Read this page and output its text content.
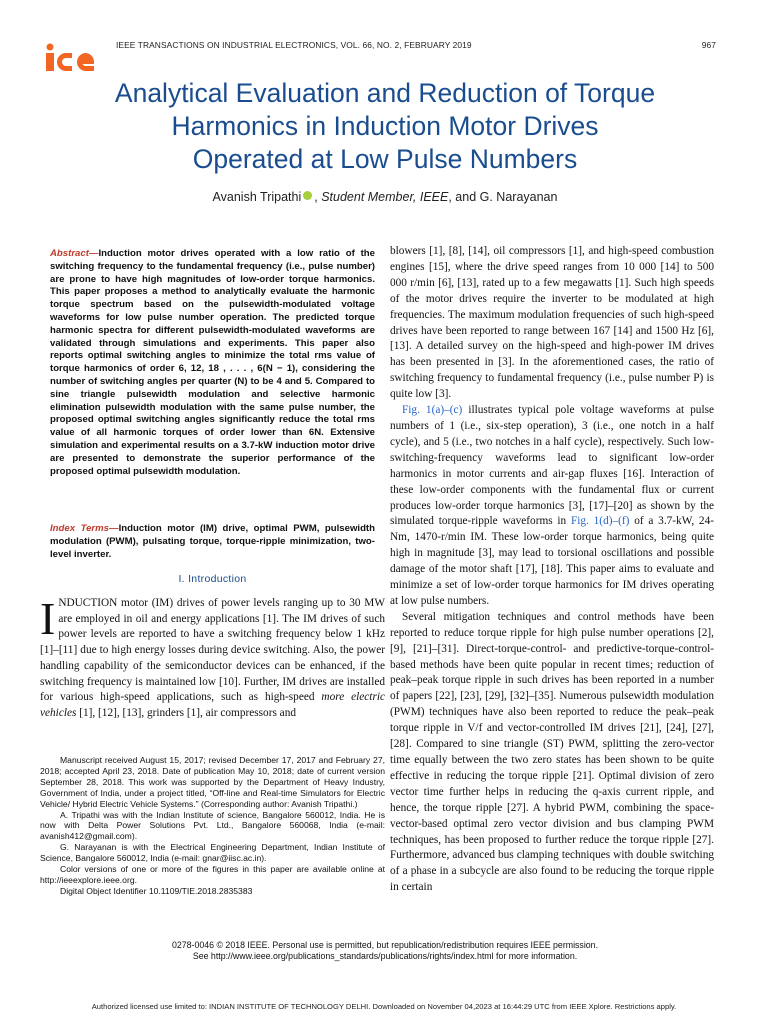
IEEE TRANSACTIONS ON INDUSTRIAL ELECTRONICS, VOL. 66, NO. 2, FEBRUARY 2019	967
Analytical Evaluation and Reduction of Torque
Harmonics in Induction Motor Drives
Operated at Low Pulse Numbers
Avanish Tripathi , Student Member, IEEE, and G. Narayanan
Abstract—Induction motor drives operated with a low ratio of the switching frequency to the fundamental frequency (i.e., pulse number) are prone to have high magnitudes of low-order torque harmonics. This paper proposes a method to analytically evaluate the harmonic torque spectrum based on the pulsewidth-modulated voltage waveforms for low pulse number operation. The predicted torque harmonic spectra for different pulsewidth-modulated waveforms are validated through simulations and experiments. This paper also reports optimal switching angles to minimize the total rms value of torque harmonics of order 6, 12, 18 , . . . , 6(N − 1), considering the number of switching angles per quarter (N) to be 4 and 5. Compared to sine triangle pulsewidth modulation and selective harmonic elimination pulsewidth modulation with the same pulse number, the proposed optimal switching angles significantly reduce the total rms value of all harmonic torques of order lower than 6N. Extensive simulation and experimental results on a 3.7-kW induction motor drive are presented to demonstrate the superior performance of the proposed optimal pulsewidth modulation.
Index Terms—Induction motor (IM) drive, optimal PWM, pulsewidth modulation (PWM), pulsating torque, torque-ripple minimization, two-level inverter.
I. Introduction
INDUCTION motor (IM) drives of power levels ranging up to 30 MW are employed in oil and energy applications [1]. The IM drives of such power levels are reported to have a switching frequency below 1 kHz [1]–[11] due to high energy losses during device switching. Also, the power handling capability of the semiconductor devices can be enhanced, if the switching frequency is maintained low [10]. Further, IM drives are installed for various high-speed applications, such as high-speed more electric vehicles [1], [12], [13], grinders [1], air compressors and

Manuscript received August 15, 2017; revised December 17, 2017 and February 27, 2018; accepted April 23, 2018. Date of publication May 10, 2018; date of current version September 28, 2018. This work was supported by the Department of Heavy Industry, Government of India, under a project titled, “Off-line and Real-time Simulators for Electric Vehicle/ Hybrid Electric Vehicle Systems.” (Corresponding author: Avanish Tripathi.)

A. Tripathi was with the Indian Institute of science, Bangalore 560012, India. He is now with Delta Power Solutions Pvt. Ltd., Bangalore 560068, India (e-mail: avanish412@gmail.com).

G. Narayanan is with the Electrical Engineering Department, Indian Institute of Science, Bangalore 560012, India (e-mail: gnar@iisc.ac.in).

Color versions of one or more of the figures in this paper are available online at http://ieeexplore.ieee.org.

Digital Object Identifier 10.1109/TIE.2018.2835383

blowers [1], [8], [14], oil compressors [1], and high-speed combustion engines [15], where the drive speed ranges from 10 000 [14] to 500 000 r/min [6], [13], rated up to a few megawatts [1]. Such high speeds of the motor drives require the inverter to be modulated at high frequencies. The maximum modulation frequencies of such high-speed drives have been reported to range between 167 [14] and 1500 Hz [6], [13]. A detailed survey on the high-speed and high-power IM drives has been presented in [3]. In the aforementioned cases, the ratio of switching frequency to fundamental frequency (i.e., pulse number P) is quite low [3].

Fig. 1(a)–(c) illustrates typical pole voltage waveforms at pulse numbers of 1 (i.e., six-step operation), 3 (i.e., one notch in a half cycle), and 5 (i.e., two notches in a half cycle), respectively. Such low-switching-frequency waveforms lead to significant low-order harmonics in motor currents and air-gap fluxes [16]. Interaction of these low-order components with the fundamental flux or current produces low-order torque harmonics [3], [17]–[20] as shown by the simulated torque-ripple waveforms in Fig. 1(d)–(f) of a 3.7-kW, 24-Nm, 1470-r/min IM. These low-order torque harmonics, being quite high in magnitude [3], may lead to torsional oscillations and possible damage of the motor shaft [17], [18]. This paper aims to evaluate and minimize a set of low-order torque harmonics for IM drives operating at low pulse numbers.

Several mitigation techniques and control methods have been reported to reduce torque ripple for high pulse number operations [2], [9], [21]–[31]. Direct-torque-control- and predictive-torque-control-based methods have been quite popular in recent times; reduction of peak–peak torque ripple in such drives has been reported in a number of papers [22], [23], [29], [32]–[35]. Numerous pulsewidth modulation (PWM) techniques have also been reported to reduce the peak–peak torque ripple in V/f and vector-controlled IM drives [21], [24], [27], [28]. Compared to sine triangle (ST) PWM, splitting the zero-vector time equally between the two zero states has been shown to be quite effective in reducing the torque ripple [21]. Optimal division of zero vector time further helps in reducing the q-axis current ripple, and hence, the torque ripple [27]. A hybrid PWM, combining the space-vector-based optimal zero vector division and bus clamping PWM techniques, has been proposed to further reduce the torque ripple [27]. Furthermore, advanced bus clamping techniques with double switching of a phase in a subcycle are also found to be reducing the torque ripple in certain

0278-0046 © 2018 IEEE. Personal use is permitted, but republication/redistribution requires IEEE permission.
See http://www.ieee.org/publications_standards/publications/rights/index.html for more information.
Authorized licensed use limited to: INDIAN INSTITUTE OF TECHNOLOGY DELHI. Downloaded on November 04,2023 at 16:44:29 UTC from IEEE Xplore. Restrictions apply.
